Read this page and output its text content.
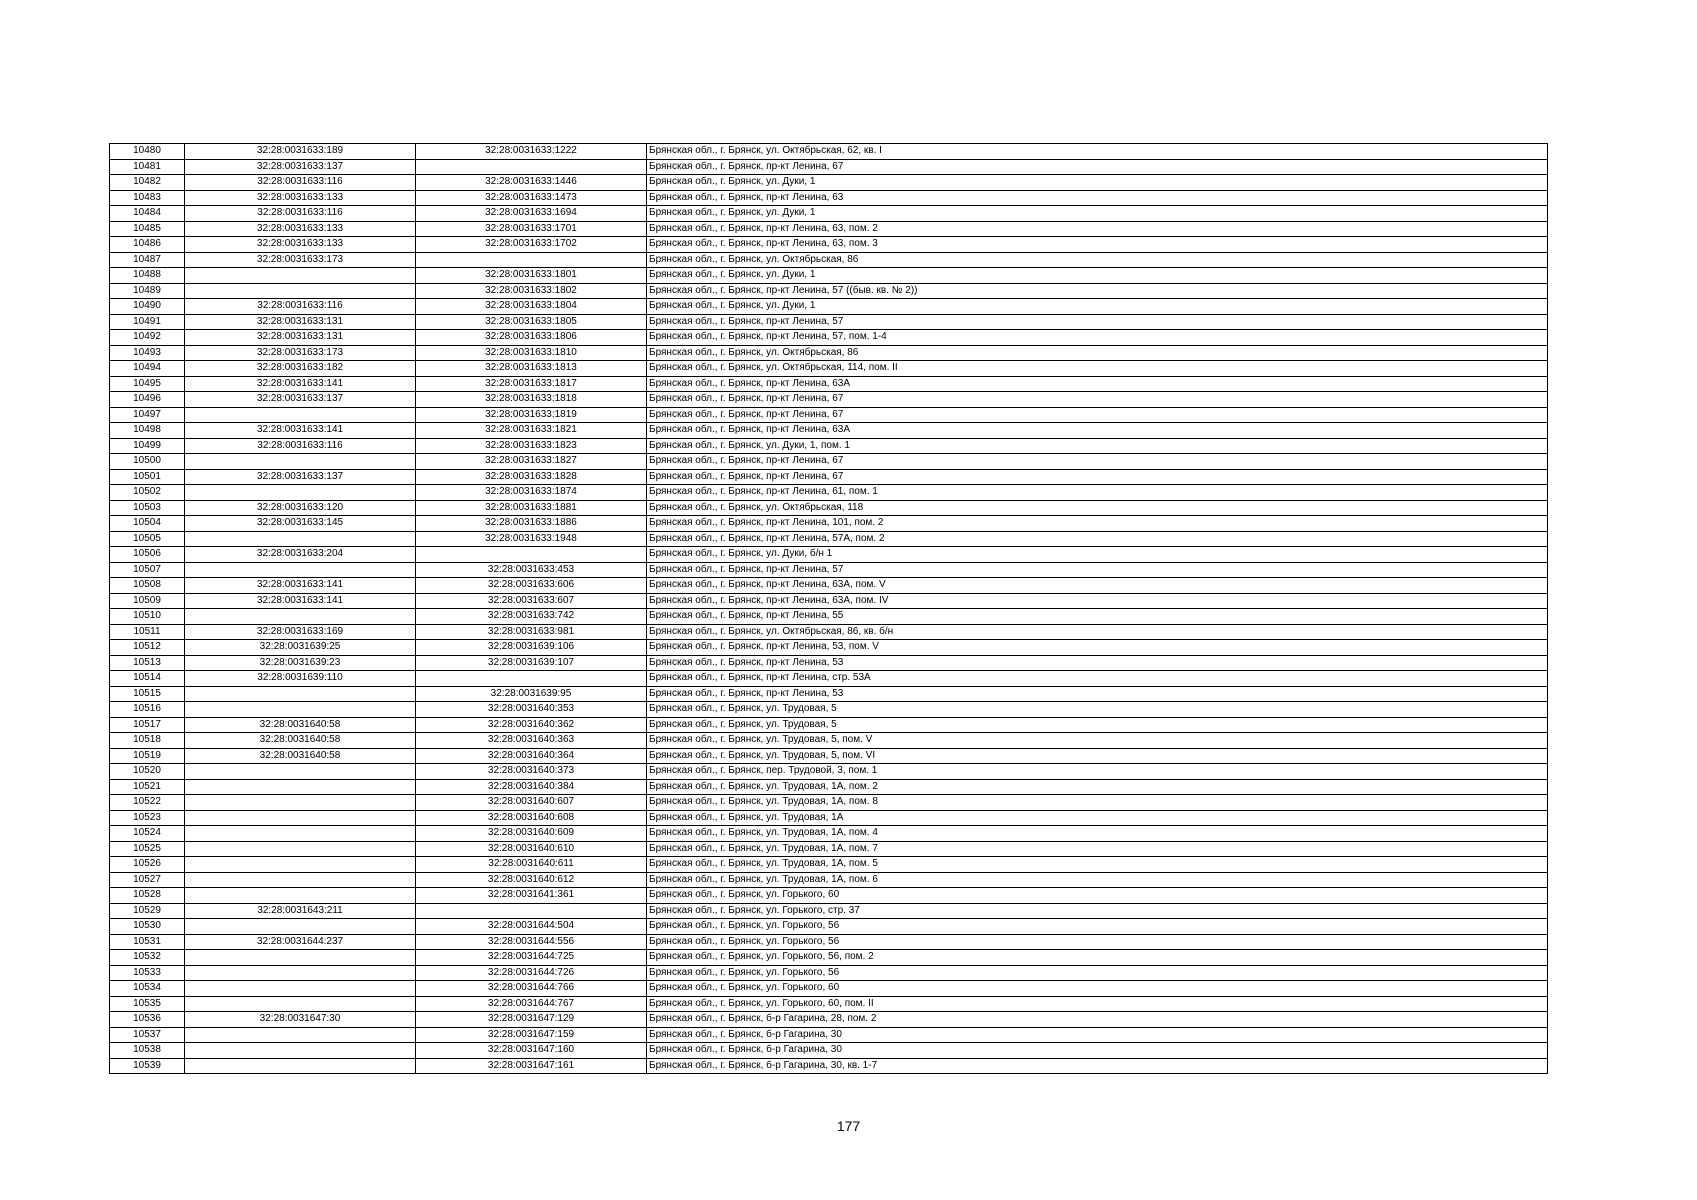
10480	32:28:0031633:189	32:28:0031633:1222	Брянская обл., г. Брянск, ул. Октябрьская, 62, кв. I
10481	32:28:0031633:137		Брянская обл., г. Брянск, пр-кт Ленина, 67
10482	32:28:0031633:116	32:28:0031633:1446	Брянская обл., г. Брянск, ул. Дуки, 1
10483	32:28:0031633:133	32:28:0031633:1473	Брянская обл., г. Брянск, пр-кт Ленина, 63
10484	32:28:0031633:116	32:28:0031633:1694	Брянская обл., г. Брянск, ул. Дуки, 1
10485	32:28:0031633:133	32:28:0031633:1701	Брянская обл., г. Брянск, пр-кт Ленина, 63, пом. 2
10486	32:28:0031633:133	32:28:0031633:1702	Брянская обл., г. Брянск, пр-кт Ленина, 63, пом. 3
10487	32:28:0031633:173		Брянская обл., г. Брянск, ул. Октябрьская, 86
10488		32:28:0031633:1801	Брянская обл., г. Брянск, ул. Дуки, 1
10489		32:28:0031633:1802	Брянская обл., г. Брянск, пр-кт Ленина, 57 ((быв. кв. № 2))
10490	32:28:0031633:116	32:28:0031633:1804	Брянская обл., г. Брянск, ул. Дуки, 1
10491	32:28:0031633:131	32:28:0031633:1805	Брянская обл., г. Брянск, пр-кт Ленина, 57
10492	32:28:0031633:131	32:28:0031633:1806	Брянская обл., г. Брянск, пр-кт Ленина, 57, пом. 1-4
10493	32:28:0031633:173	32:28:0031633:1810	Брянская обл., г. Брянск, ул. Октябрьская, 86
10494	32:28:0031633:182	32:28:0031633:1813	Брянская обл., г. Брянск, ул. Октябрьская, 114, пом. II
10495	32:28:0031633:141	32:28:0031633:1817	Брянская обл., г. Брянск, пр-кт Ленина, 63А
10496	32:28:0031633:137	32:28:0031633:1818	Брянская обл., г. Брянск, пр-кт Ленина, 67
10497		32:28:0031633:1819	Брянская обл., г. Брянск, пр-кт Ленина, 67
10498	32:28:0031633:141	32:28:0031633:1821	Брянская обл., г. Брянск, пр-кт Ленина, 63А
10499	32:28:0031633:116	32:28:0031633:1823	Брянская обл., г. Брянск, ул. Дуки, 1, пом. 1
10500		32:28:0031633:1827	Брянская обл., г. Брянск, пр-кт Ленина, 67
10501	32:28:0031633:137	32:28:0031633:1828	Брянская обл., г. Брянск, пр-кт Ленина, 67
10502		32:28:0031633:1874	Брянская обл., г. Брянск, пр-кт Ленина, 61, пом. 1
10503	32:28:0031633:120	32:28:0031633:1881	Брянская обл., г. Брянск, ул. Октябрьская, 118
10504	32:28:0031633:145	32:28:0031633:1886	Брянская обл., г. Брянск, пр-кт Ленина, 101, пом. 2
10505		32:28:0031633:1948	Брянская обл., г. Брянск, пр-кт Ленина, 57А, пом. 2
10506	32:28:0031633:204		Брянская обл., г. Брянск, ул. Дуки, б/н 1
10507		32:28:0031633:453	Брянская обл., г. Брянск, пр-кт Ленина, 57
10508	32:28:0031633:141	32:28:0031633:606	Брянская обл., г. Брянск, пр-кт Ленина, 63А, пом. V
10509	32:28:0031633:141	32:28:0031633:607	Брянская обл., г. Брянск, пр-кт Ленина, 63А, пом. IV
10510		32:28:0031633:742	Брянская обл., г. Брянск, пр-кт Ленина, 55
10511	32:28:0031633:169	32:28:0031633:981	Брянская обл., г. Брянск, ул. Октябрьская, 86, кв. б/н
10512	32:28:0031639:25	32:28:0031639:106	Брянская обл., г. Брянск, пр-кт Ленина, 53, пом. V
10513	32:28:0031639:23	32:28:0031639:107	Брянская обл., г. Брянск, пр-кт Ленина, 53
10514	32:28:0031639:110		Брянская обл., г. Брянск, пр-кт Ленина, стр. 53А
10515		32:28:0031639:95	Брянская обл., г. Брянск, пр-кт Ленина, 53
10516		32:28:0031640:353	Брянская обл., г. Брянск, ул. Трудовая, 5
10517	32:28:0031640:58	32:28:0031640:362	Брянская обл., г. Брянск, ул. Трудовая, 5
10518	32:28:0031640:58	32:28:0031640:363	Брянская обл., г. Брянск, ул. Трудовая, 5, пом. V
10519	32:28:0031640:58	32:28:0031640:364	Брянская обл., г. Брянск, ул. Трудовая, 5, пом. VI
10520		32:28:0031640:373	Брянская обл., г. Брянск, пер. Трудовой, 3, пом. 1
10521		32:28:0031640:384	Брянская обл., г. Брянск, ул. Трудовая, 1А, пом. 2
10522		32:28:0031640:607	Брянская обл., г. Брянск, ул. Трудовая, 1А, пом. 8
10523		32:28:0031640:608	Брянская обл., г. Брянск, ул. Трудовая, 1А
10524		32:28:0031640:609	Брянская обл., г. Брянск, ул. Трудовая, 1А, пом. 4
10525		32:28:0031640:610	Брянская обл., г. Брянск, ул. Трудовая, 1А, пом. 7
10526		32:28:0031640:611	Брянская обл., г. Брянск, ул. Трудовая, 1А, пом. 5
10527		32:28:0031640:612	Брянская обл., г. Брянск, ул. Трудовая, 1А, пом. 6
10528		32:28:0031641:361	Брянская обл., г. Брянск, ул. Горького, 60
10529	32:28:0031643:211		Брянская обл., г. Брянск, ул. Горького, стр. 37
10530		32:28:0031644:504	Брянская обл., г. Брянск, ул. Горького, 56
10531	32:28:0031644:237	32:28:0031644:556	Брянская обл., г. Брянск, ул. Горького, 56
10532		32:28:0031644:725	Брянская обл., г. Брянск, ул. Горького, 56, пом. 2
10533		32:28:0031644:726	Брянская обл., г. Брянск, ул. Горького, 56
10534		32:28:0031644:766	Брянская обл., г. Брянск, ул. Горького, 60
10535		32:28:0031644:767	Брянская обл., г. Брянск, ул. Горького, 60, пом. II
10536	32:28:0031647:30	32:28:0031647:129	Брянская обл., г. Брянск, б-р Гагарина, 28, пом. 2
10537		32:28:0031647:159	Брянская обл., г. Брянск, б-р Гагарина, 30
10538		32:28:0031647:160	Брянская обл., г. Брянск, б-р Гагарина, 30
10539		32:28:0031647:161	Брянская обл., г. Брянск, б-р Гагарина, 30, кв. 1-7
177
